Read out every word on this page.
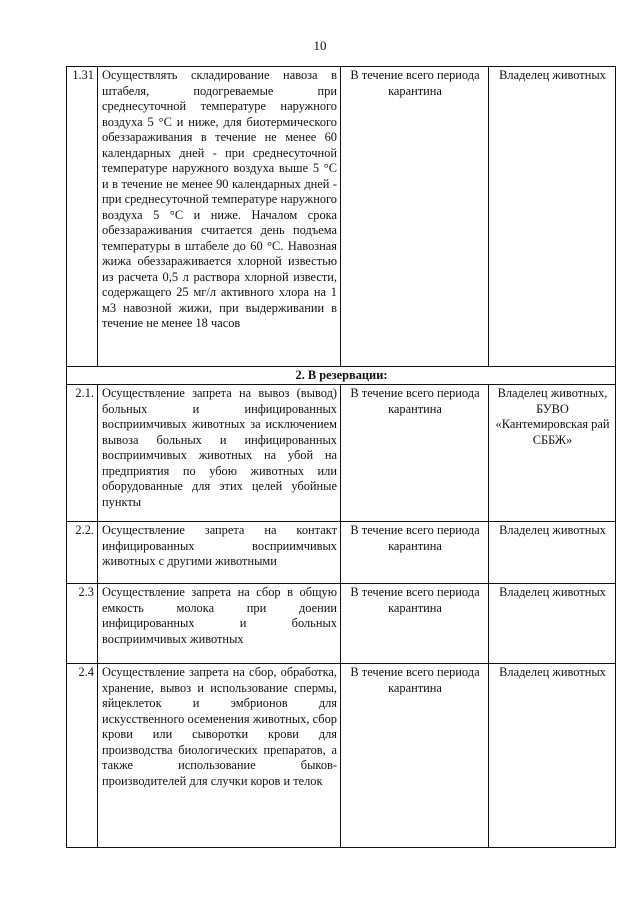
10
1.31	Осуществлять складирование навоза в штабеля, подогреваемые при среднесуточной температуре наружного воздуха 5 °С и ниже, для биотермического обеззараживания в течение не менее 60 календарных дней - при среднесуточной температуре наружного воздуха выше 5 °С и в течение не менее 90 календарных дней - при среднесуточной температуре наружного воздуха 5 °С и ниже. Началом срока обеззараживания считается день подъема температуры в штабеле до 60 °С. Навозная жижа обеззараживается хлорной известью из расчета 0,5 л раствора хлорной извести, содержащего 25 мг/л активного хлора на 1 м3 навозной жижи, при выдерживании в течение не менее 18 часов	В течение всего периода карантина	Владелец животных
2. В резервации:			
2.1.	Осуществление запрета на вывоз (вывод) больных и инфицированных восприимчивых животных за исключением вывоза больных и инфицированных восприимчивых животных на убой на предприятия по убою животных или оборудованные для этих целей убойные пункты	В течение всего периода карантина	Владелец животных, БУВО «Кантемировская рай СББЖ»
2.2.	Осуществление запрета на контакт инфицированных восприимчивых животных с другими животными	В течение всего периода карантина	Владелец животных
2.3	Осуществление запрета на сбор в общую емкость молока при доении инфицированных и больных восприимчивых животных	В течение всего периода карантина	Владелец животных
2.4	Осуществление запрета на сбор, обработка, хранение, вывоз и использование спермы, яйцеклеток и эмбрионов для искусственного осеменения животных, сбор крови или сыворотки крови для производства биологических препаратов, а также использование быков-производителей для случки коров и телок	В течение всего периода карантина	Владелец животных
